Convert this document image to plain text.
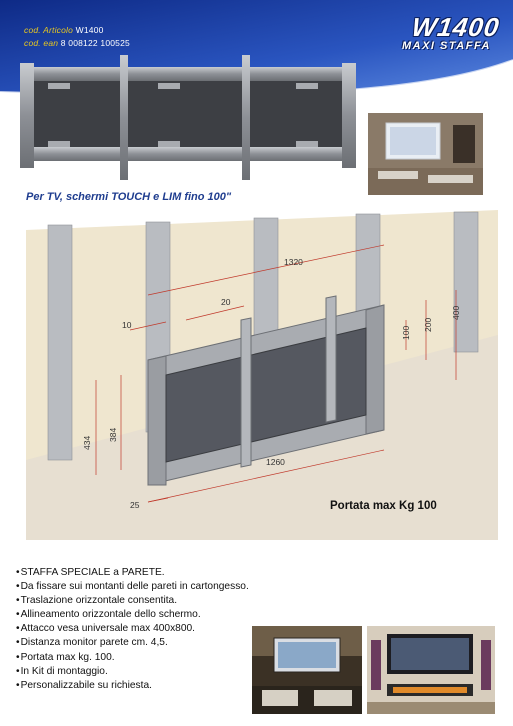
cod. Articolo W1400
cod. ean 8 008122 100525
W1400
MAXI STAFFA
Per TV, schermi TOUCH e LIM fino 100"
1320
20
10
100
200
400
434
384
1260
25	Portata max Kg 100
• STAFFA SPECIALE a PARETE.
• Da fissare sui montanti delle pareti in cartongesso.
• Traslazione orizzontale consentita.
• Allineamento orizzontale dello schermo.
• Attacco vesa universale max 400x800.
• Distanza monitor parete cm. 4,5.
• Portata max kg. 100.
• In Kit di montaggio.
• Personalizzabile su richiesta.
